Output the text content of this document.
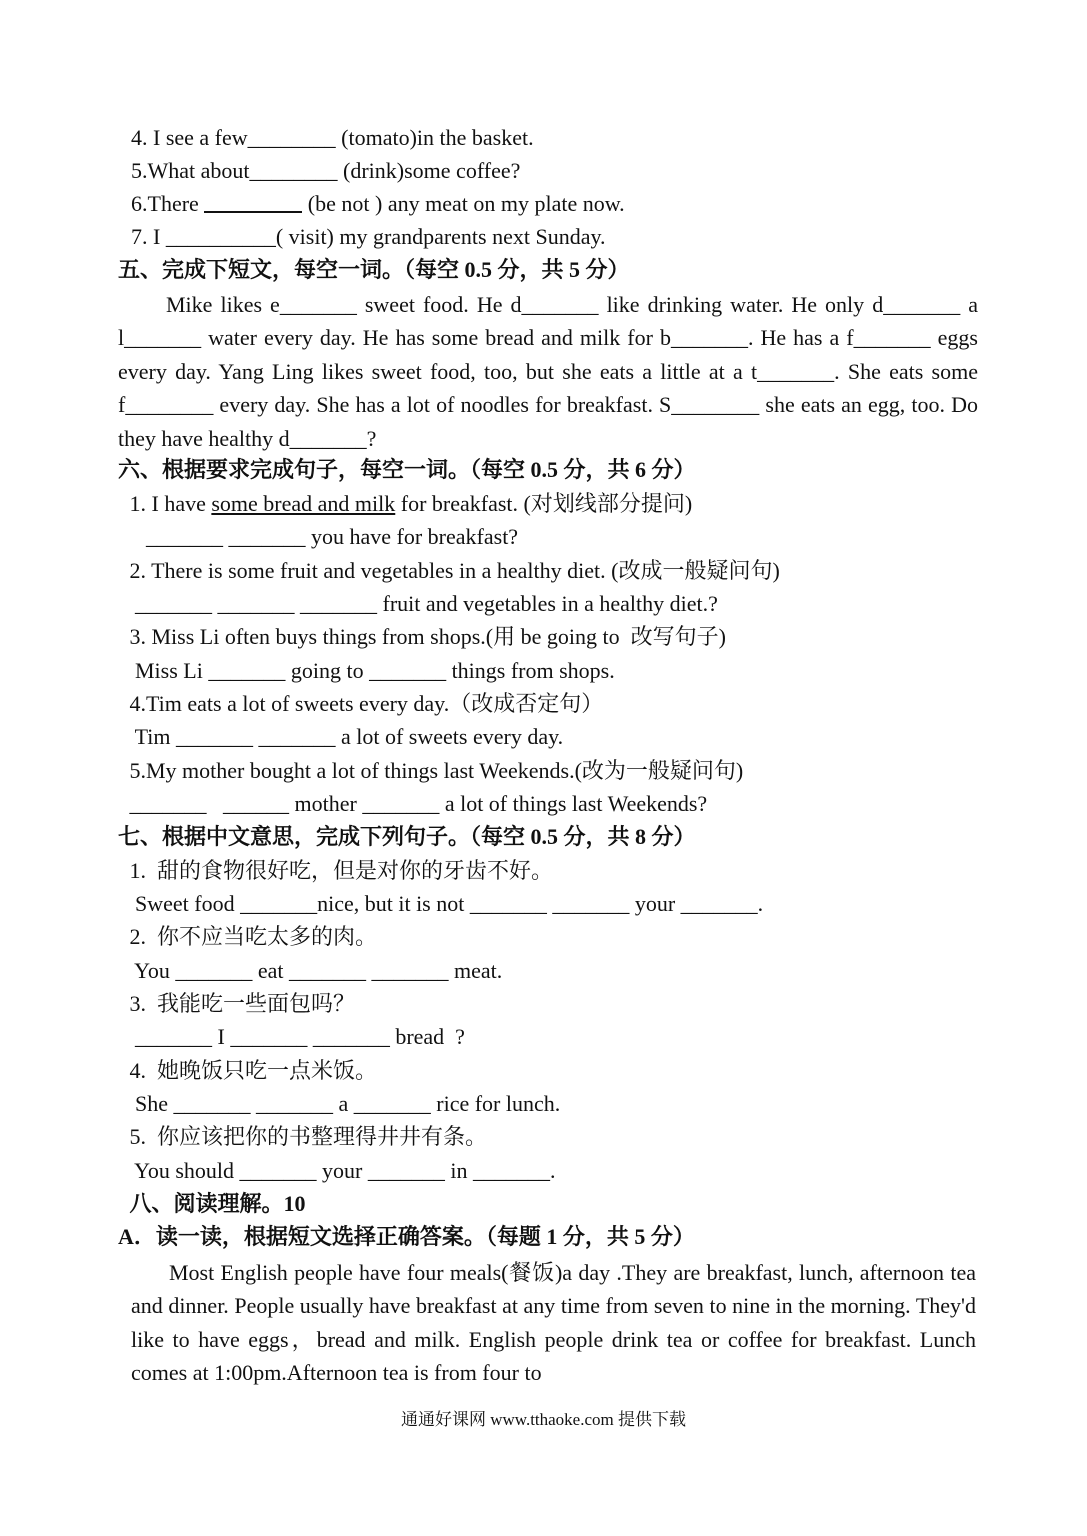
4. I see a few________ (tomato)in the basket.
5.What about________ (drink)some coffee?
6.There	(be not ) any meat on my plate now.
7. I __________( visit) my grandparents next Sunday.
五、完成下短文，每空一词。（每空 0.5 分，共 5 分）
Mike likes e_______ sweet food. He d_______ like drinking water. He only d_______ a l_______ water every day. He has some bread and milk for b_______. He has a f_______ eggs every day. Yang Ling likes sweet food, too, but she eats a little at a t_______. She eats some f________ every day. She has a lot of noodles for breakfast. S________ she eats an egg, too. Do they have healthy d_______?
六、根据要求完成句子，每空一词。（每空 0.5 分，共 6 分）
1. I have some bread and milk for breakfast. (对划线部分提问)
_______ _______ you have for breakfast?
2. There is some fruit and vegetables in a healthy diet. (改成一般疑问句)
_______ _______ _______ fruit and vegetables in a healthy diet.?
3. Miss Li often buys things from shops.(用 be going to  改写句子)
Miss Li _______ going to _______ things from shops.
4.Tim eats a lot of sweets every day.（改成否定句）
Tim _______ _______ a lot of sweets every day.
5.My mother bought a lot of things last Weekends.(改为一般疑问句)
_______   ______ mother _______ a lot of things last Weekends?
七、根据中文意思，完成下列句子。（每空 0.5 分，共 8 分）
1.  甜的食物很好吃，但是对你的牙齿不好。
Sweet food _______nice, but it is not _______ _______ your _______.
2.  你不应当吃太多的肉。
You _______ eat _______ _______ meat.
3.  我能吃一些面包吗？
_______ I _______ _______ bread  ?
4.  她晚饭只吃一点米饭。
She _______ _______ a _______ rice for lunch.
5.  你应该把你的书整理得井井有条。
You should _______ your _______ in _______.
八、阅读理解。10
A．读一读，根据短文选择正确答案。（每题 1 分，共 5 分）
Most English people have four meals(餐饭)a day .They are breakfast, lunch, afternoon tea and dinner. People usually have breakfast at any time from seven to nine in the morning. They'd like to have eggs，bread and milk. English people drink tea or coffee for breakfast. Lunch comes at 1:00pm.Afternoon tea is from four to
通通好课网 www.tthaoke.com 提供下载
